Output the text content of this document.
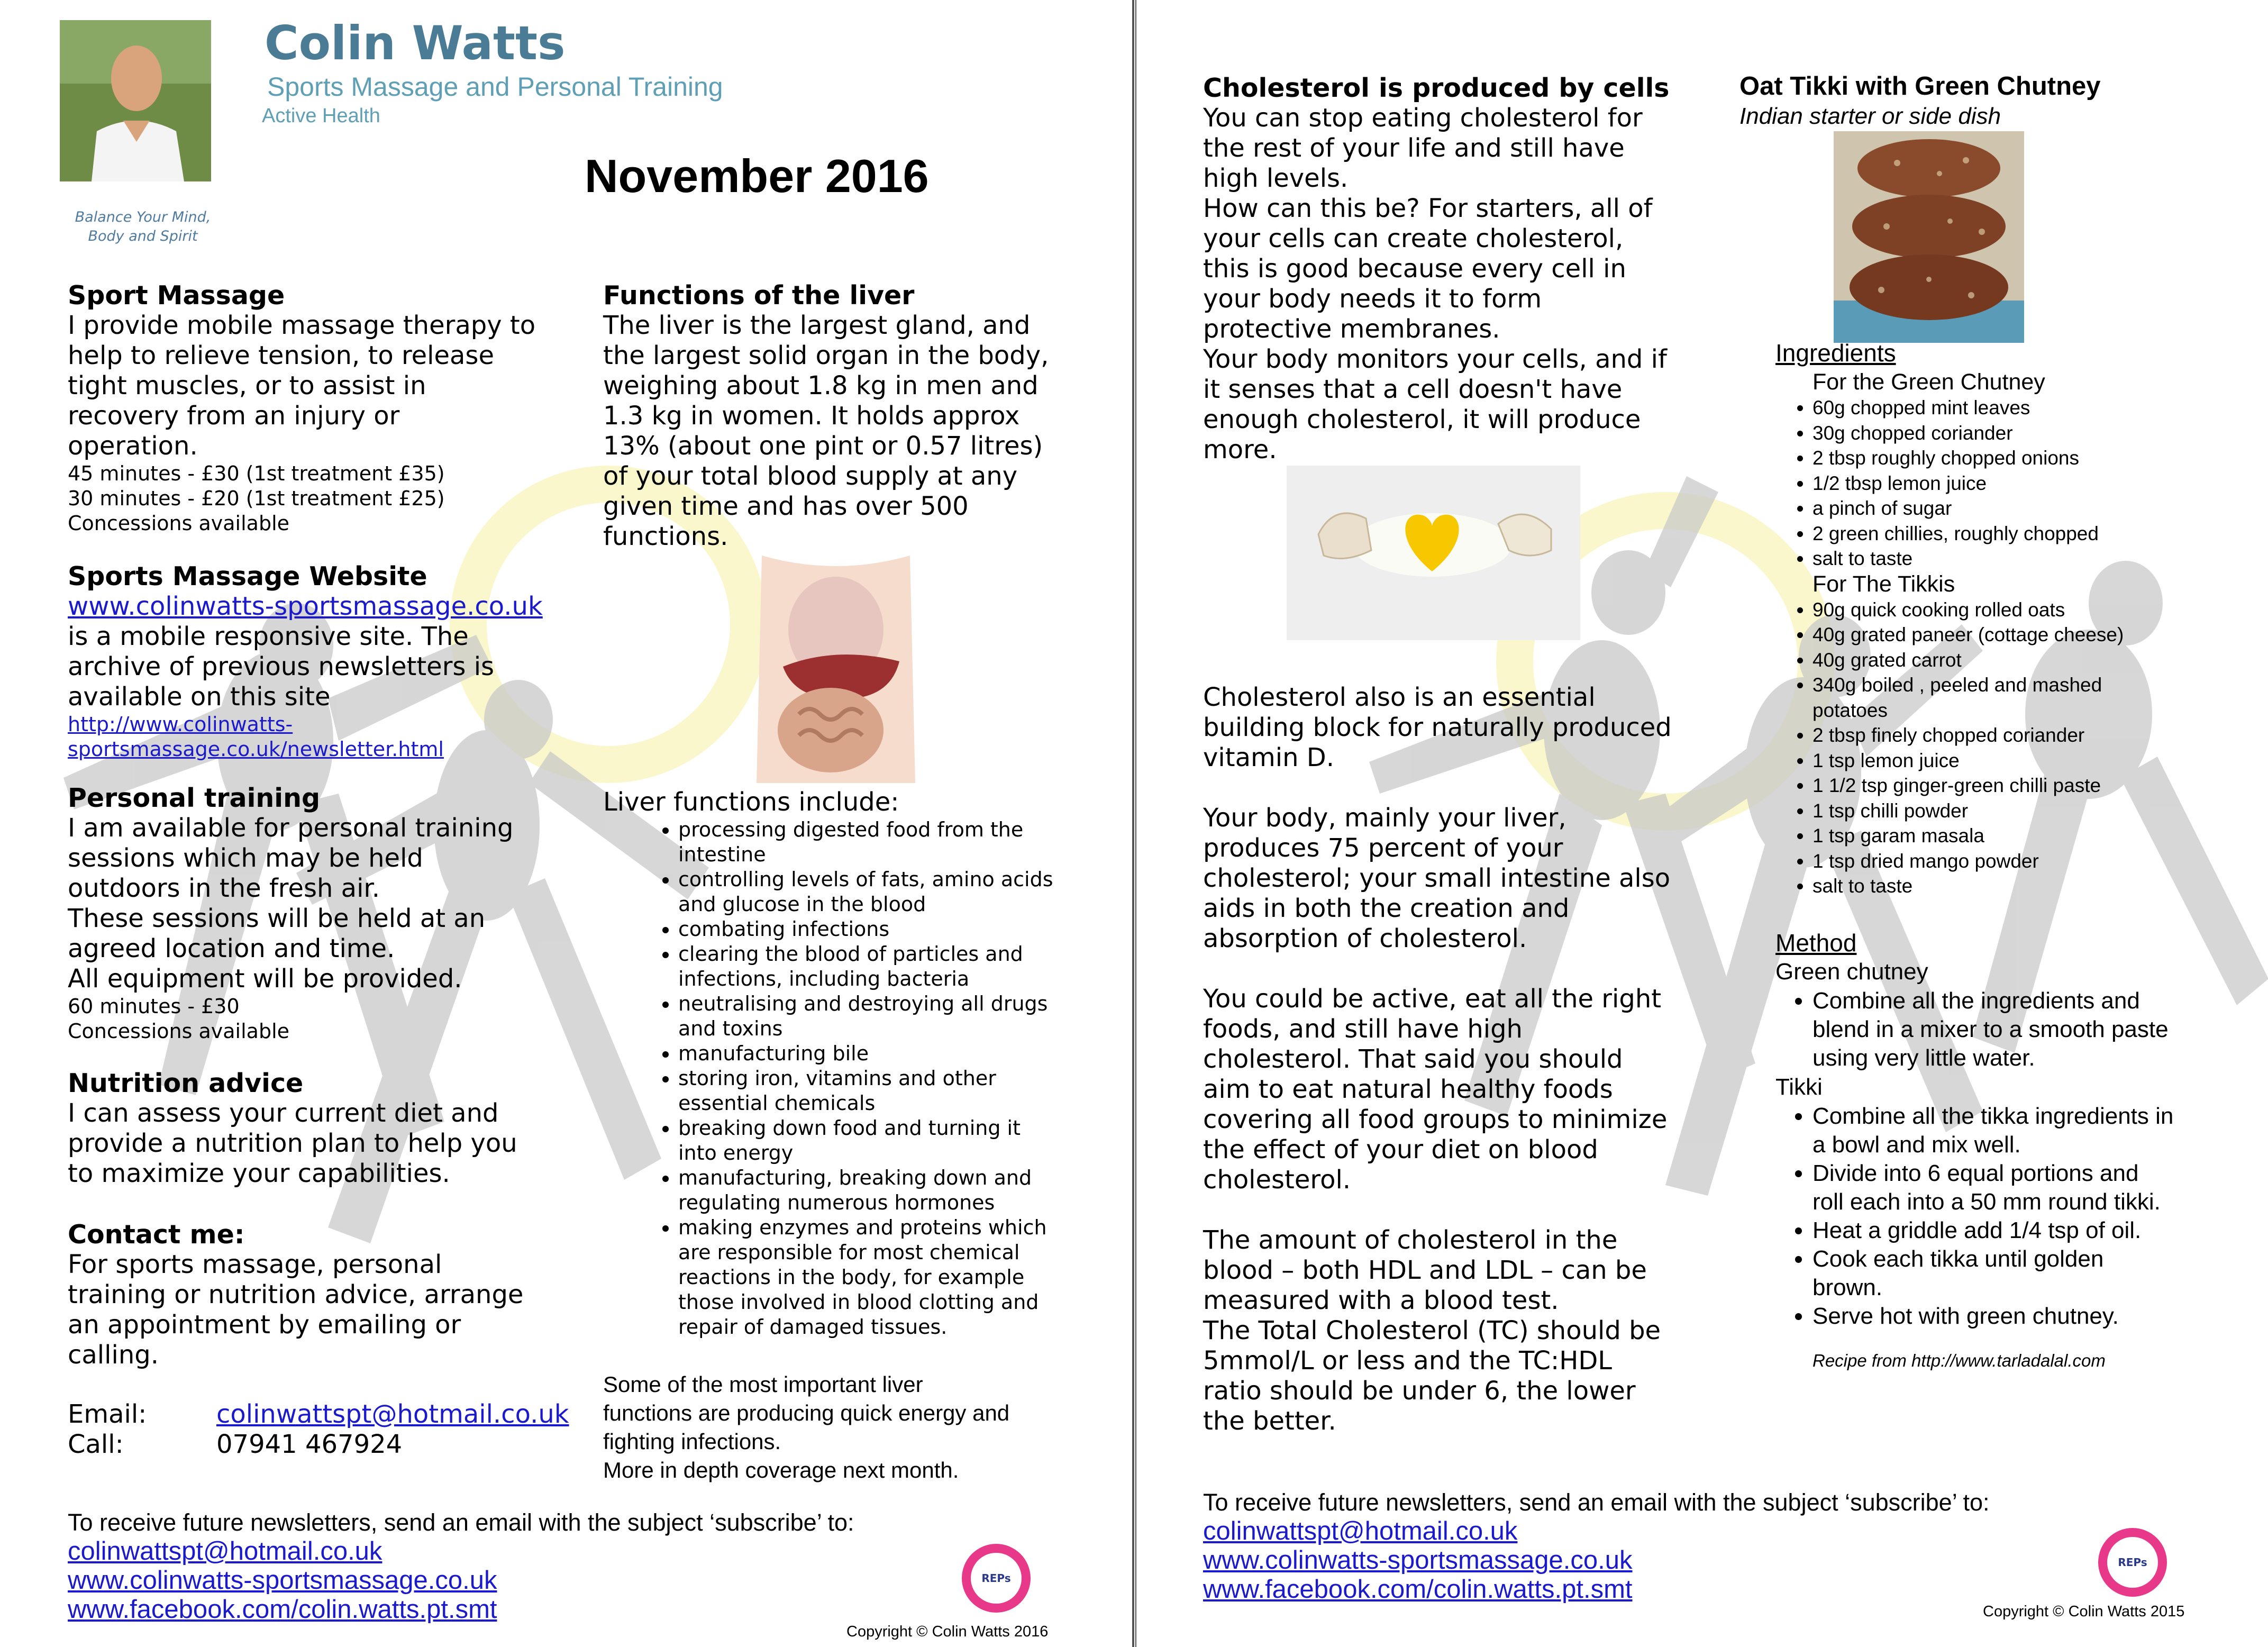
Balance Your Mind,
Body and Spirit
Colin Watts
Sports Massage and Personal Training
Active Health
November 2016
Sport Massage
I provide mobile massage therapy to
help to relieve tension, to release
tight muscles, or to assist in
recovery from an injury or
operation.
45 minutes - £30 (1st treatment £35)
30 minutes - £20 (1st treatment £25)
Concessions available
Sports Massage Website
www.colinwatts-sportsmassage.co.uk
is a mobile responsive site. The
archive of previous newsletters is
available on this site
http://www.colinwatts-
sportsmassage.co.uk/newsletter.html
Personal training
I am available for personal training
sessions which may be held
outdoors in the fresh air.
These sessions will be held at an
agreed location and time.
All equipment will be provided.
60 minutes - £30
Concessions available
Nutrition advice
I can assess your current diet and
provide a nutrition plan to help you
to maximize your capabilities.
Contact me:
For sports massage, personal
training or nutrition advice, arrange
an appointment by emailing or
calling.
Email:	colinwattspt@hotmail.co.uk
Call:	07941 467924
Functions of the liver
The liver is the largest gland, and
the largest solid organ in the body,
weighing about 1.8 kg in men and
1.3 kg in women. It holds approx
13% (about one pint or 0.57 litres)
of your total blood supply at any
given time and has over 500
functions.
Liver functions include:
• processing digested food from the
intestine
• controlling levels of fats, amino acids
and glucose in the blood
• combating infections
• clearing the blood of particles and
infections, including bacteria
• neutralising and destroying all drugs
and toxins
• manufacturing bile
• storing iron, vitamins and other
essential chemicals
• breaking down food and turning it
into energy
• manufacturing, breaking down and
regulating numerous hormones
• making enzymes and proteins which
are responsible for most chemical
reactions in the body, for example
those involved in blood clotting and
repair of damaged tissues.
Some of the most important liver
functions are producing quick energy and
fighting infections.
More in depth coverage next month.
To receive future newsletters, send an email with the subject ‘subscribe’ to:
colinwattspt@hotmail.co.uk
www.colinwatts-sportsmassage.co.uk
www.facebook.com/colin.watts.pt.smt
REPs
Copyright © Colin Watts 2016
Cholesterol is produced by cells
You can stop eating cholesterol for
the rest of your life and still have
high levels.
How can this be? For starters, all of
your cells can create cholesterol,
this is good because every cell in
your body needs it to form
protective membranes.
Your body monitors your cells, and if
it senses that a cell doesn't have
enough cholesterol, it will produce
more.
Cholesterol also is an essential
building block for naturally produced
vitamin D.
Your body, mainly your liver,
produces 75 percent of your
cholesterol; your small intestine also
aids in both the creation and
absorption of cholesterol.
You could be active, eat all the right
foods, and still have high
cholesterol. That said you should
aim to eat natural healthy foods
covering all food groups to minimize
the effect of your diet on blood
cholesterol.
The amount of cholesterol in the
blood – both HDL and LDL – can be
measured with a blood test.
The Total Cholesterol (TC) should be
5mmol/L or less and the TC:HDL
ratio should be under 6, the lower
the better.
Oat Tikki with Green Chutney
Indian starter or side dish
Ingredients
For the Green Chutney
• 60g chopped mint leaves
• 30g chopped coriander
• 2 tbsp roughly chopped onions
• 1/2 tbsp lemon juice
• a pinch of sugar
• 2 green chillies, roughly chopped
• salt to taste
For The Tikkis
• 90g quick cooking rolled oats
• 40g grated paneer (cottage cheese)
• 40g grated carrot
• 340g boiled , peeled and mashed
potatoes
• 2 tbsp finely chopped coriander
• 1 tsp lemon juice
• 1 1/2 tsp ginger-green chilli paste
• 1 tsp chilli powder
• 1 tsp garam masala
• 1 tsp dried mango powder
• salt to taste
Method
Green chutney
• Combine all the ingredients and
blend in a mixer to a smooth paste
using very little water.
Tikki
• Combine all the tikka ingredients in
a bowl and mix well.
• Divide into 6 equal portions and
roll each into a 50 mm round tikki.
• Heat a griddle add 1/4 tsp of oil.
• Cook each tikka until golden
brown.
• Serve hot with green chutney.
Recipe from http://www.tarladalal.com
To receive future newsletters, send an email with the subject ‘subscribe’ to:
colinwattspt@hotmail.co.uk
www.colinwatts-sportsmassage.co.uk
www.facebook.com/colin.watts.pt.smt
REPs
Copyright © Colin Watts 2015
